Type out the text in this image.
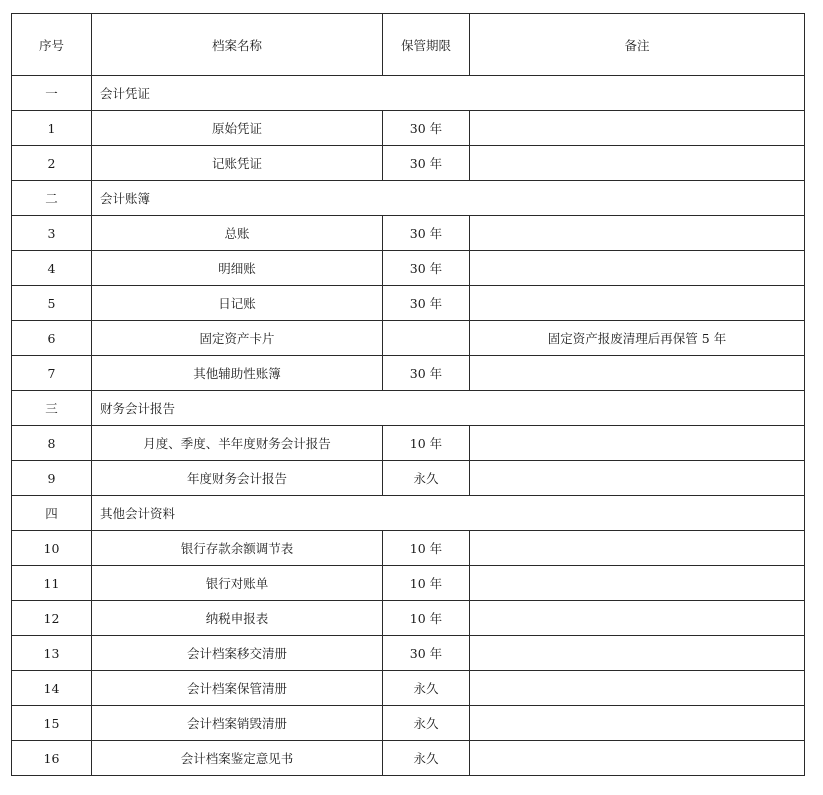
序号	档案名称	保管期限	备注
一	会计凭证		
1	原始凭证	30 年	
2	记账凭证	30 年	
二	会计账簿		
3	总账	30 年	
4	明细账	30 年	
5	日记账	30 年	
6	固定资产卡片		固定资产报废清理后再保管 5 年
7	其他辅助性账簿	30 年	
三	财务会计报告		
8	月度、季度、半年度财务会计报告	10 年	
9	年度财务会计报告	永久	
四	其他会计资料		
10	银行存款余额调节表	10 年	
11	银行对账单	10 年	
12	纳税申报表	10 年	
13	会计档案移交清册	30 年	
14	会计档案保管清册	永久	
15	会计档案销毁清册	永久	
16	会计档案鉴定意见书	永久	
